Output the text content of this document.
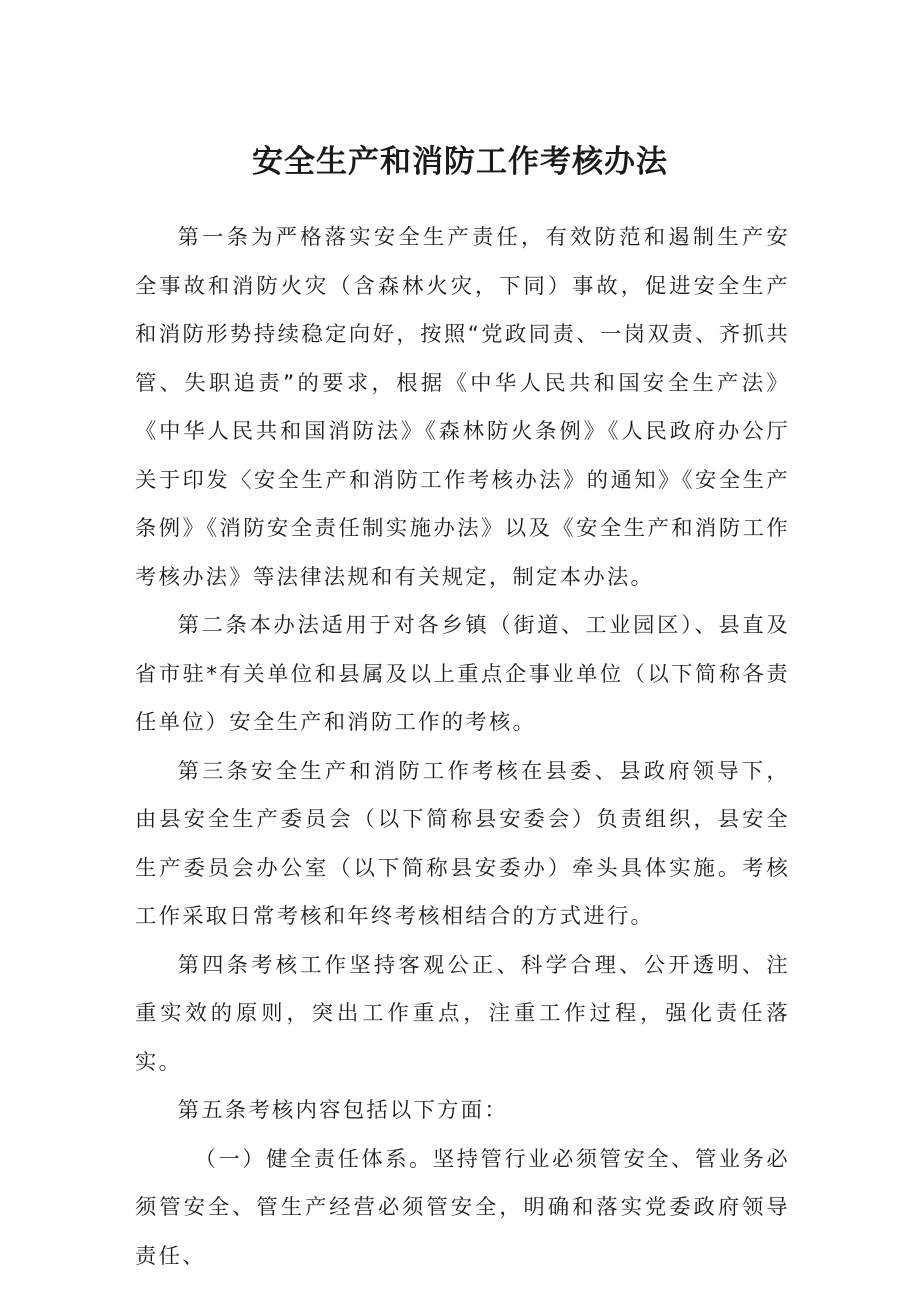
安全生产和消防工作考核办法

第一条为严格落实安全生产责任，有效防范和遏制生产安全事故和消防火灾（含森林火灾，下同）事故，促进安全生产和消防形势持续稳定向好，按照“党政同责、一岗双责、齐抓共管、失职追责”的要求，根据《中华人民共和国安全生产法》《中华人民共和国消防法》《森林防火条例》《人民政府办公厅关于印发〈安全生产和消防工作考核办法》的通知》《安全生产条例》《消防安全责任制实施办法》以及《安全生产和消防工作考核办法》等法律法规和有关规定，制定本办法。

第二条本办法适用于对各乡镇（街道、工业园区）、县直及省市驻*有关单位和县属及以上重点企事业单位（以下简称各责任单位）安全生产和消防工作的考核。

第三条安全生产和消防工作考核在县委、县政府领导下，由县安全生产委员会（以下简称县安委会）负责组织，县安全生产委员会办公室（以下简称县安委办）牵头具体实施。考核工作采取日常考核和年终考核相结合的方式进行。

第四条考核工作坚持客观公正、科学合理、公开透明、注重实效的原则，突出工作重点，注重工作过程，强化责任落实。

第五条考核内容包括以下方面：

（一）健全责任体系。坚持管行业必须管安全、管业务必须管安全、管生产经营必须管安全，明确和落实党委政府领导责任、
